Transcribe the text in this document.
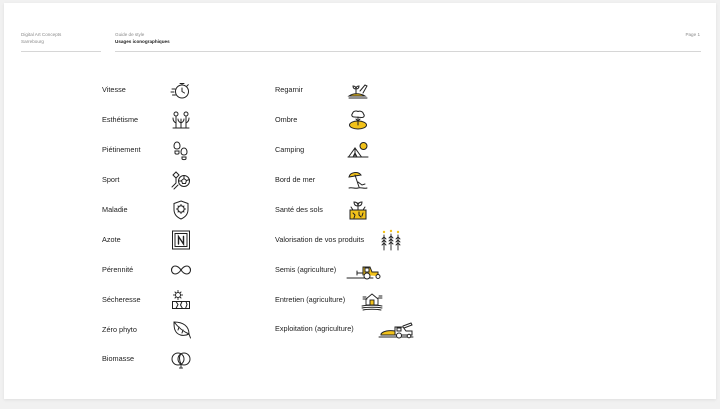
Digital Art Concepts
Sarrebourg
Guide de style
Usages iconographiques
Page 1
Vitesse
Esthétisme
Piétinement
Sport
Maladie
Azote
Pérennité
Sécheresse
Zéro phyto
Biomasse
Regarnir
Ombre
Camping
Bord de mer
Santé des sols
Valorisation de vos produits
Semis (agriculture)
Entretien (agriculture)
Exploitation (agriculture)
